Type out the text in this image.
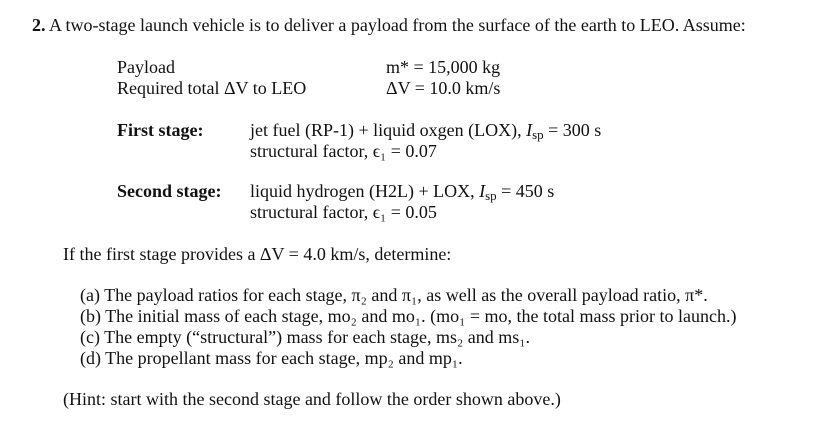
2. A two-stage launch vehicle is to deliver a payload from the surface of the earth to LEO. Assume:
Payload	m* = 15,000 kg
Required total ΔV to LEO	ΔV = 10.0 km/s
First stage:	jet fuel (RP-1) + liquid oxgen (LOX), $I_{sp} = 300$ s
structural factor, ϵ₁ = 0.07
Second stage: liquid hydrogen (H2L) + LOX, $I_{sp} = 450$ s
structural factor, ϵ₁ = 0.05
If the first stage provides a ΔV = 4.0 km/s, determine:
(a) The payload ratios for each stage, π₂ and π₁, as well as the overall payload ratio, π*.
(b) The initial mass of each stage, mo₂ and mo₁. (mo₁ = mo, the total mass prior to launch.)
(c) The empty (“structural”) mass for each stage, ms₂ and ms₁.
(d) The propellant mass for each stage, mp₂ and mp₁.
(Hint: start with the second stage and follow the order shown above.)
